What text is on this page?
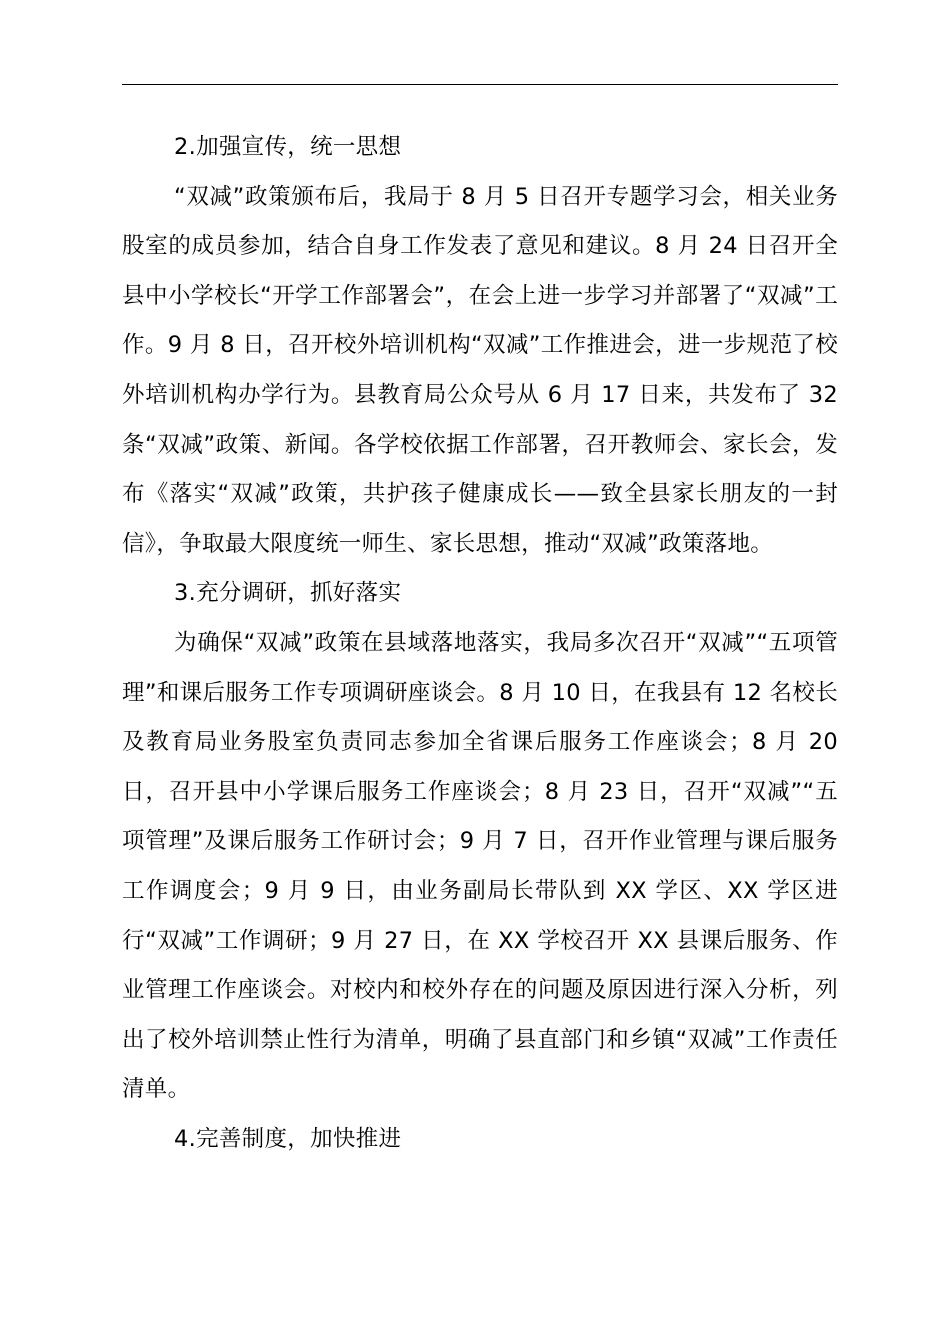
2.加强宣传，统一思想

“双减”政策颁布后，我局于 8 月 5 日召开专题学习会，相关业务股室的成员参加，结合自身工作发表了意见和建议。8 月 24 日召开全县中小学校长“开学工作部署会”，在会上进一步学习并部署了“双减”工作。9 月 8 日，召开校外培训机构“双减”工作推进会，进一步规范了校外培训机构办学行为。县教育局公众号从 6 月 17 日来，共发布了 32 条“双减”政策、新闻。各学校依据工作部署，召开教师会、家长会，发布《落实“双减”政策，共护孩子健康成长——致全县家长朋友的一封信》，争取最大限度统一师生、家长思想，推动“双减”政策落地。

3.充分调研，抓好落实

为确保“双减”政策在县域落地落实，我局多次召开“双减”“五项管理”和课后服务工作专项调研座谈会。8 月 10 日，在我县有 12 名校长及教育局业务股室负责同志参加全省课后服务工作座谈会；8 月 20 日，召开县中小学课后服务工作座谈会；8 月 23 日，召开“双减”“五项管理”及课后服务工作研讨会；9 月 7 日，召开作业管理与课后服务工作调度会；9 月 9 日，由业务副局长带队到 XX 学区、XX 学区进行“双减”工作调研；9 月 27 日，在 XX 学校召开 XX 县课后服务、作业管理工作座谈会。对校内和校外存在的问题及原因进行深入分析，列出了校外培训禁止性行为清单，明确了县直部门和乡镇“双减”工作责任清单。

4.完善制度，加快推进
